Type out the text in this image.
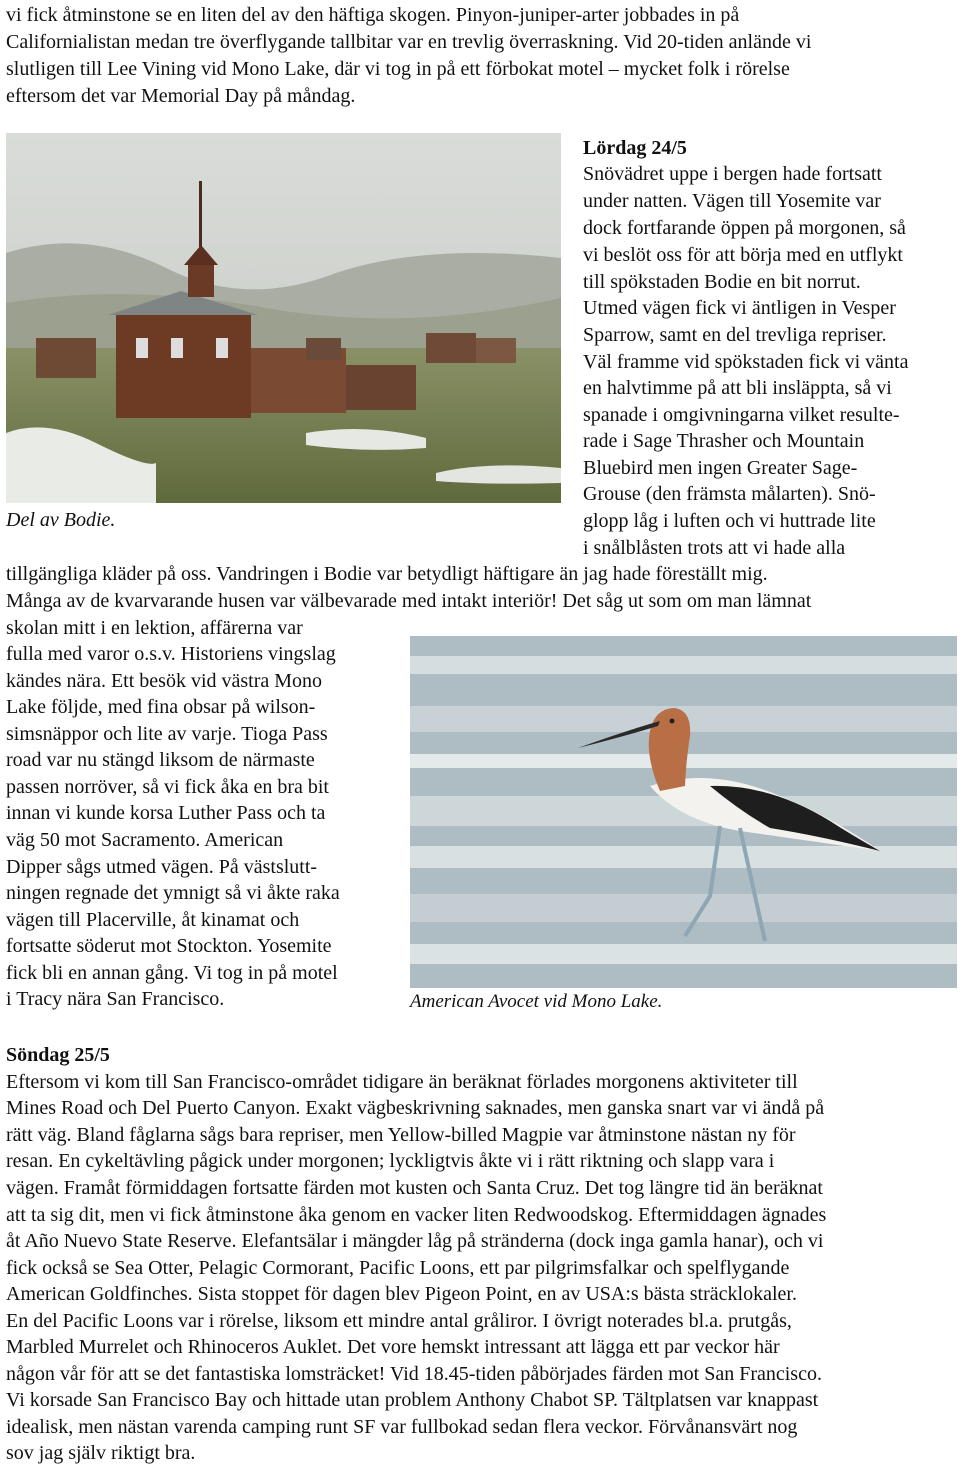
vi fick åtminstone se en liten del av den häftiga skogen. Pinyon-juniper-arter jobbades in på
Californialistan medan tre överflygande tallbitar var en trevlig överraskning. Vid 20-tiden anlände vi
slutligen till Lee Vining vid Mono Lake, där vi tog in på ett förbokat motel – mycket folk i rörelse
eftersom det var Memorial Day på måndag.
Del av Bodie.
Lördag 24/5
Snövädret uppe i bergen hade fortsatt
under natten. Vägen till Yosemite var
dock fortfarande öppen på morgonen, så
vi beslöt oss för att börja med en utflykt
till spökstaden Bodie en bit norrut.
Utmed vägen fick vi äntligen in Vesper
Sparrow, samt en del trevliga repriser.
Väl framme vid spökstaden fick vi vänta
en halvtimme på att bli insläppta, så vi
spanade i omgivningarna vilket resulte-
rade i Sage Thrasher och Mountain
Bluebird men ingen Greater Sage-
Grouse (den främsta målarten). Snö-
glopp låg i luften och vi huttrade lite
i snålblåsten trots att vi hade alla
tillgängliga kläder på oss. Vandringen i Bodie var betydligt häftigare än jag hade föreställt mig.
Många av de kvarvarande husen var välbevarade med intakt interiör! Det såg ut som om man lämnat
skolan mitt i en lektion, affärerna var
fulla med varor o.s.v. Historiens vingslag
kändes nära. Ett besök vid västra Mono
Lake följde, med fina obsar på wilson-
simsnäppor och lite av varje. Tioga Pass
road var nu stängd liksom de närmaste
passen norröver, så vi fick åka en bra bit
innan vi kunde korsa Luther Pass och ta
väg 50 mot Sacramento. American
Dipper sågs utmed vägen. På västslutt-
ningen regnade det ymnigt så vi åkte raka
vägen till Placerville, åt kinamat och
fortsatte söderut mot Stockton. Yosemite
fick bli en annan gång. Vi tog in på motel
i Tracy nära San Francisco.	American Avocet vid Mono Lake.
Söndag 25/5
Eftersom vi kom till San Francisco-området tidigare än beräknat förlades morgonens aktiviteter till
Mines Road och Del Puerto Canyon. Exakt vägbeskrivning saknades, men ganska snart var vi ändå på
rätt väg. Bland fåglarna sågs bara repriser, men Yellow-billed Magpie var åtminstone nästan ny för
resan. En cykeltävling pågick under morgonen; lyckligtvis åkte vi i rätt riktning och slapp vara i
vägen. Framåt förmiddagen fortsatte färden mot kusten och Santa Cruz. Det tog längre tid än beräknat
att ta sig dit, men vi fick åtminstone åka genom en vacker liten Redwoodskog. Eftermiddagen ägnades
åt Año Nuevo State Reserve. Elefantsälar i mängder låg på stränderna (dock inga gamla hanar), och vi
fick också se Sea Otter, Pelagic Cormorant, Pacific Loons, ett par pilgrimsfalkar och spelflygande
American Goldfinches. Sista stoppet för dagen blev Pigeon Point, en av USA:s bästa sträcklokaler.
En del Pacific Loons var i rörelse, liksom ett mindre antal gråliror. I övrigt noterades bl.a. prutgås,
Marbled Murrelet och Rhinoceros Auklet. Det vore hemskt intressant att lägga ett par veckor här
någon vår för att se det fantastiska lomsträcket! Vid 18.45-tiden påbörjades färden mot San Francisco.
Vi korsade San Francisco Bay och hittade utan problem Anthony Chabot SP. Tältplatsen var knappast
idealisk, men nästan varenda camping runt SF var fullbokad sedan flera veckor. Förvånansvärt nog
sov jag själv riktigt bra.
